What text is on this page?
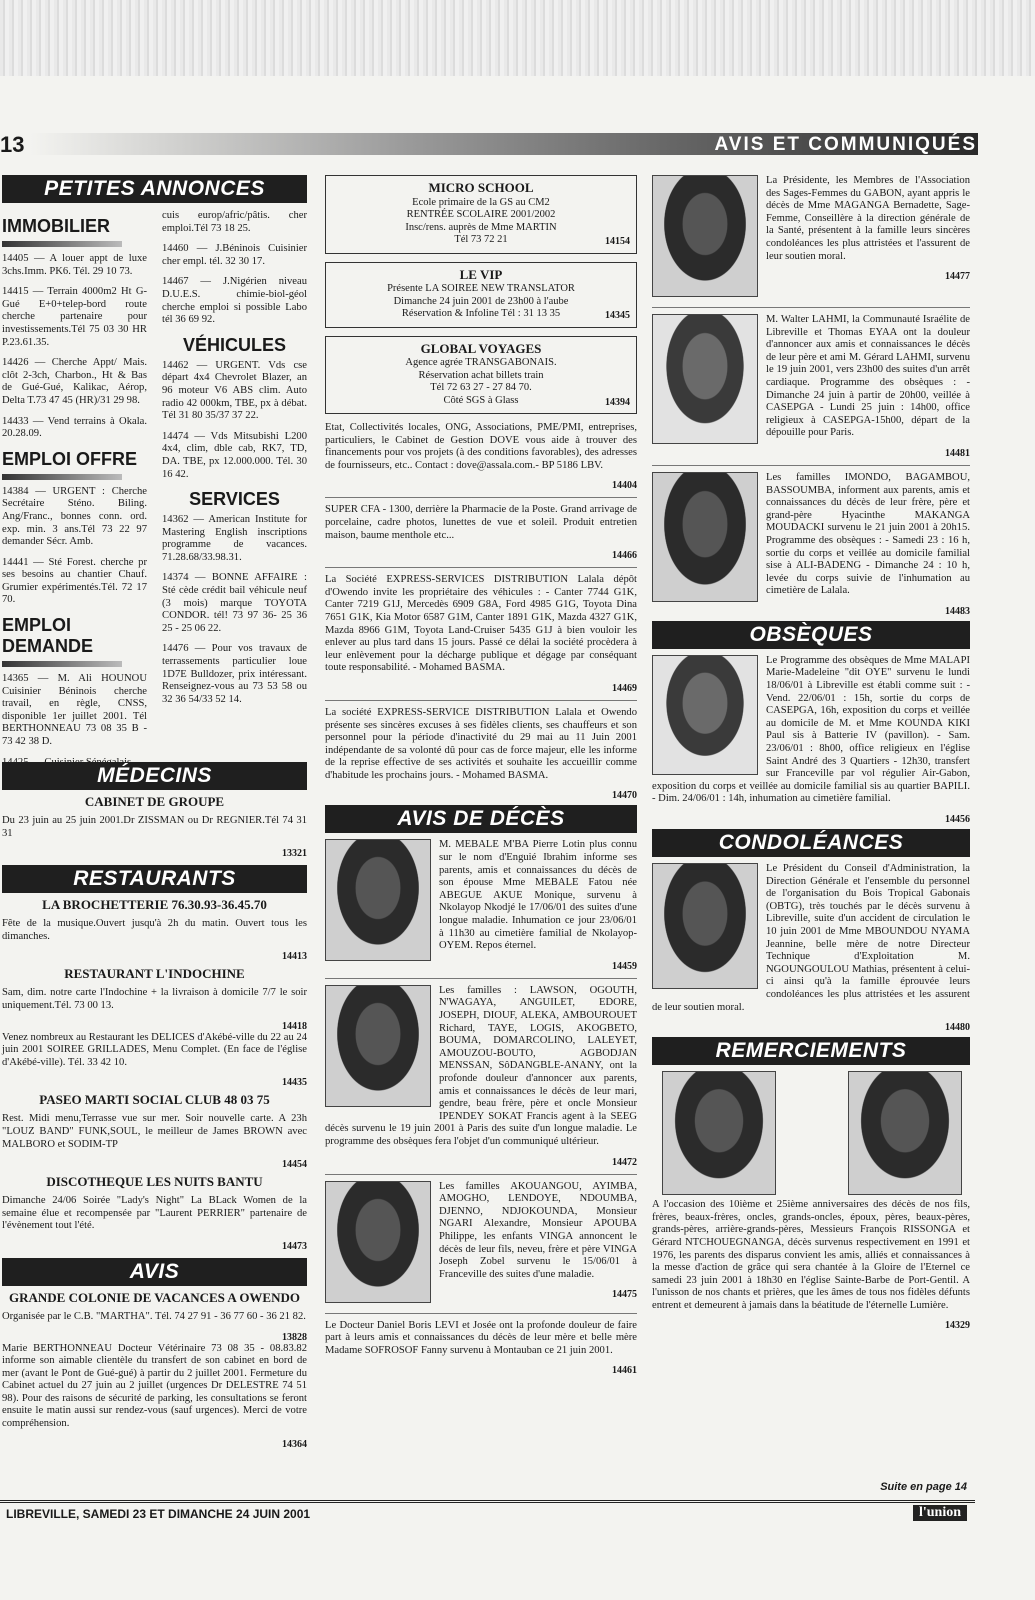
13	AVIS ET COMMUNIQUÉS
PETITES ANNONCES
IMMOBILIER

14405 — A louer appt de luxe 3chs.Imm. PK6. Tél. 29 10 73.

14415 — Terrain 4000m2 Ht G-Gué E+0+telep-bord route cherche partenaire pour investissements.Tél 75 03 30 HR P.23.61.35.

14426 — Cherche Appt/ Mais. clôt 2-3ch, Charbon., Ht & Bas de Gué-Gué, Kalikac, Aérop, Delta T.73 47 45 (HR)/31 29 98.

14433 — Vend terrains à Okala. 20.28.09.

EMPLOI OFFRE

14384 — URGENT : Cherche Secrétaire Sténo. Biling. Ang/Franc., bonnes conn. ord. exp. min. 3 ans.Tél 73 22 97 demander Sécr. Amb.

14441 — Sté Forest. cherche pr ses besoins au chantier Chauf. Grumier expérimentés.Tél. 72 17 70.

EMPLOI DEMANDE

14365 — M. Ali HOUNOU Cuisinier Béninois cherche travail, en règle, CNSS, disponible 1er juillet 2001. Tél BERTHONNEAU 73 08 35 B - 73 42 38 D.

cuis europ/afric/pâtis. cher emploi.Tél 73 18 25.

14460 — J.Béninois Cuisinier cher empl. tél. 32 30 17.

14467 — J.Nigérien niveau D.U.E.S. chimie-biol-géol cherche emploi si possible Labo tél 36 69 92.

VÉHICULES

14462 — URGENT. Vds cse départ 4x4 Chevrolet Blazer, an 96 moteur V6 ABS clim. Auto radio 42 000km, TBE, px à débat. Tél 31 80 35/37 37 22.

14474 — Vds Mitsubishi L200 4x4, clim, dble cab, RK7, TD, DA. TBE, px 12.000.000. Tél. 30 16 42.

SERVICES

14362 — American Institute for Mastering English inscriptions programme de vacances. 71.28.68/33.98.31.

14374 — BONNE AFFAIRE : Sté cède crédit bail véhicule neuf (3 mois) marque TOYOTA CONDOR. tél! 73 97 36- 25 36 25 - 25 06 22.

14476 — Pour vos travaux de terrassements particulier loue 1D7E Bulldozer, prix intéressant. Renseignez-vous au 73 53 58 ou 32 36 54/33 52 14.

MÉDECINS
CABINET DE GROUPE

Du 23 juin au 25 juin 2001.Dr ZISSMAN ou Dr REGNIER.Tél 74 31 31

13321
RESTAURANTS
LA BROCHETTERIE 76.30.93-36.45.70

Fête de la musique.Ouvert jusqu'à 2h du matin. Ouvert tous les dimanches.

14413
RESTAURANT L'INDOCHINE

Sam, dim. notre carte l'Indochine + la livraison à domicile 7/7 le soir uniquement.Tél. 73 00 13.

14418

Venez nombreux au Restaurant les DELICES d'Akébé-ville du 22 au 24 juin 2001 SOIREE GRILLADES, Menu Complet. (En face de l'église d'Akébé-ville). Tél. 33 42 10.

14435
PASEO MARTI SOCIAL CLUB 48 03 75

Rest. Midi menu,Terrasse vue sur mer. Soir nouvelle carte. A 23h "LOUZ BAND" FUNK,SOUL, le meilleur de James BROWN avec MALBORO et SODIM-TP

14454
DISCOTHEQUE LES NUITS BANTU

Dimanche 24/06 Soirée "Lady's Night" La BLack Women de la semaine élue et recompensée par "Laurent PERRIER" partenaire de l'évènement tout l'été.

14473
AVIS
GRANDE COLONIE DE VACANCES A OWENDO

Organisée par le C.B. "MARTHA". Tél. 74 27 91 - 36 77 60 - 36 21 82.

13828

Marie BERTHONNEAU Docteur Vétérinaire 73 08 35 - 08.83.82 informe son aimable clientèle du transfert de son cabinet en bord de mer (avant le Pont de Gué-gué) à partir du 2 juillet 2001. Fermeture du Cabinet actuel du 27 juin au 2 juillet (urgences Dr DELESTRE 74 51 98). Pour des raisons de sécurité de parking, les consultations se feront ensuite le matin aussi sur rendez-vous (sauf urgences). Merci de votre compréhension.

14364
MICRO SCHOOL
Ecole primaire de la GS au CM2
RENTRÉE SCOLAIRE 2001/2002
Insc/rens. auprès de Mme MARTIN
Tél 73 72 21	14154
LE VIP
Présente LA SOIREE NEW TRANSLATOR
Dimanche 24 juin 2001 de 23h00 à l'aube
Réservation & Infoline Tél : 31 13 35	14345
GLOBAL VOYAGES
Agence agrée TRANSGABONAIS.
Réservation achat billets train
Tél 72 63 27 - 27 84 70.
Côté SGS à Glass	14394

Etat, Collectivités locales, ONG, Associations, PME/PMI, entreprises, particuliers, le Cabinet de Gestion DOVE vous aide à trouver des financements pour vos projets (à des conditions favorables), des adresses de fournisseurs, etc.. Contact : dove@assala.com.- BP 5186 LBV.

14404

SUPER CFA - 1300, derrière la Pharmacie de la Poste. Grand arrivage de porcelaine, cadre photos, lunettes de vue et soleil. Produit entretien maison, baume menthole etc...

14466

La Société EXPRESS-SERVICES DISTRIBUTION Lalala dépôt d'Owendo invite les propriétaire des véhicules : - Canter 7744 G1K, Canter 7219 G1J, Mercedès 6909 G8A, Ford 4985 G1G, Toyota Dina 7651 G1K, Kia Motor 6587 G1M, Canter 1891 G1K, Mazda 4327 G1K, Mazda 8966 G1M, Toyota Land-Cruiser 5435 G1J à bien vouloir les enlever au plus tard dans 15 jours. Passé ce délai la société procèdera à leur enlèvement pour la décharge publique et dégage par conséquant toute responsabilité. - Mohamed BASMA.

14469

La société EXPRESS-SERVICE DISTRIBUTION Lalala et Owendo présente ses sincères excuses à ses fidèles clients, ses chauffeurs et son personnel pour la période d'inactivité du 29 mai au 11 Juin 2001 indépendante de sa volonté dû pour cas de force majeur, elle les informe de la reprise effective de ses activités et souhaite les accueillir comme d'habitude les prochains jours. - Mohamed BASMA.

14470
AVIS DE DÉCÈS

M. MEBALE M'BA Pierre Lotin plus connu sur le nom d'Enguié Ibrahim informe ses parents, amis et connaissances du décès de son épouse Mme MEBALE Fatou née ABEGUE AKUE Monique, survenu à Nkolayop Nkodjé le 17/06/01 des suites d'une longue maladie. Inhumation ce jour 23/06/01 à 11h30 au cimetière familial de Nkolayop-OYEM. Repos éternel.

14459

Les familles : LAWSON, OGOUTH, N'WAGAYA, ANGUILET, EDORE, JOSEPH, DIOUF, ALEKA, AMBOUROUET Richard, TAYE, LOGIS, AKOGBETO, BOUMA, DOMARCOLINO, LALEYET, AMOUZOU-BOUTO, AGBODJAN MENSSAN, SôDANGBLE-ANANY, ont la profonde douleur d'annoncer aux parents, amis et connaissances le décès de leur mari, gendre, beau frère, père et oncle Monsieur IPENDEY SOKAT Francis agent à la SEEG décès survenu le 19 juin 2001 à Paris des suite d'un longue maladie. Le programme des obsèques fera l'objet d'un communiqué ultérieur.

14472

Les familles AKOUANGOU, AYIMBA, AMOGHO, LENDOYE, NDOUMBA, DJENNO, NDJOKOUNDA, Monsieur NGARI Alexandre, Monsieur APOUBA Philippe, les enfants VINGA annoncent le décès de leur fils, neveu, frère et père VINGA Joseph Zobel survenu le 15/06/01 à Franceville des suites d'une maladie.

14475

Le Docteur Daniel Boris LEVI et Josée ont la profonde douleur de faire part à leurs amis et connaissances du décès de leur mère et belle mère Madame SOFROSOF Fanny survenu à Montauban ce 21 juin 2001.

14461

La Présidente, les Membres de l'Association des Sages-Femmes du GABON, ayant appris le décès de Mme MAGANGA Bernadette, Sage-Femme, Conseillère à la direction générale de la Santé, présentent à la famille leurs sincères condoléances les plus attristées et l'assurent de leur soutien moral.

14477

M. Walter LAHMI, la Communauté Israélite de Libreville et Thomas EYAA ont la douleur d'annoncer aux amis et connaissances le décès de leur père et ami M. Gérard LAHMI, survenu le 19 juin 2001, vers 23h00 des suites d'un arrêt cardiaque. Programme des obsèques : - Dimanche 24 juin à partir de 20h00, veillée à CASEPGA - Lundi 25 juin : 14h00, office religieux à CASEPGA-15h00, départ de la dépouille pour Paris.

14481

Les familles IMONDO, BAGAMBOU, BASSOUMBA, informent aux parents, amis et connaissances du décès de leur frère, père et grand-père Hyacinthe MAKANGA MOUDACKI survenu le 21 juin 2001 à 20h15. Programme des obsèques : - Samedi 23 : 16 h, sortie du corps et veillée au domicile familial sise à ALI-BADENG - Dimanche 24 : 10 h, levée du corps suivie de l'inhumation au cimetière de Lalala.

14483
OBSÈQUES

Le Programme des obsèques de Mme MALAPI Marie-Madeleine "dit OYE" survenu le lundi 18/06/01 à Libreville est établi comme suit : - Vend. 22/06/01 : 15h, sortie du corps de CASEPGA, 16h, exposition du corps et veillée au domicile de M. et Mme KOUNDA KIKI Paul sis à Batterie IV (pavillon). - Sam. 23/06/01 : 8h00, office religieux en l'église Saint André des 3 Quartiers - 12h30, transfert sur Franceville par vol régulier Air-Gabon, exposition du corps et veillée au domicile familial sis au quartier BAPILI. - Dim. 24/06/01 : 14h, inhumation au cimetière familial.

14456
CONDOLÉANCES

Le Président du Conseil d'Administration, la Direction Générale et l'ensemble du personnel de l'organisation du Bois Tropical Gabonais (OBTG), très touchés par le décès survenu à Libreville, suite d'un accident de circulation le 10 juin 2001 de Mme MBOUNDOU NYAMA Jeannine, belle mère de notre Directeur Technique d'Exploitation M. NGOUNGOULOU Mathias, présentent à celui-ci ainsi qu'à la famille éprouvée leurs condoléances les plus attristées et les assurent de leur soutien moral.

14480
REMERCIEMENTS

A l'occasion des 10ième et 25ième anniversaires des décès de nos fils, frères, beaux-frères, oncles, grands-oncles, époux, pères, beaux-pères, grands-pères, arrière-grands-pères, Messieurs François RISSONGA et Gérard NTCHOUEGNANGA, décès survenus respectivement en 1991 et 1976, les parents des disparus convient les amis, alliés et connaissances à la messe d'action de grâce qui sera chantée à la Gloire de l'Eternel ce samedi 23 juin 2001 à 18h30 en l'église Sainte-Barbe de Port-Gentil. A l'unisson de nos chants et prières, que les âmes de tous nos fidèles défunts entrent et demeurent à jamais dans la béatitude de l'éternelle Lumière.

14329
LIBREVILLE, SAMEDI 23 ET DIMANCHE 24 JUIN 2001
Suite en page 14
l'union
